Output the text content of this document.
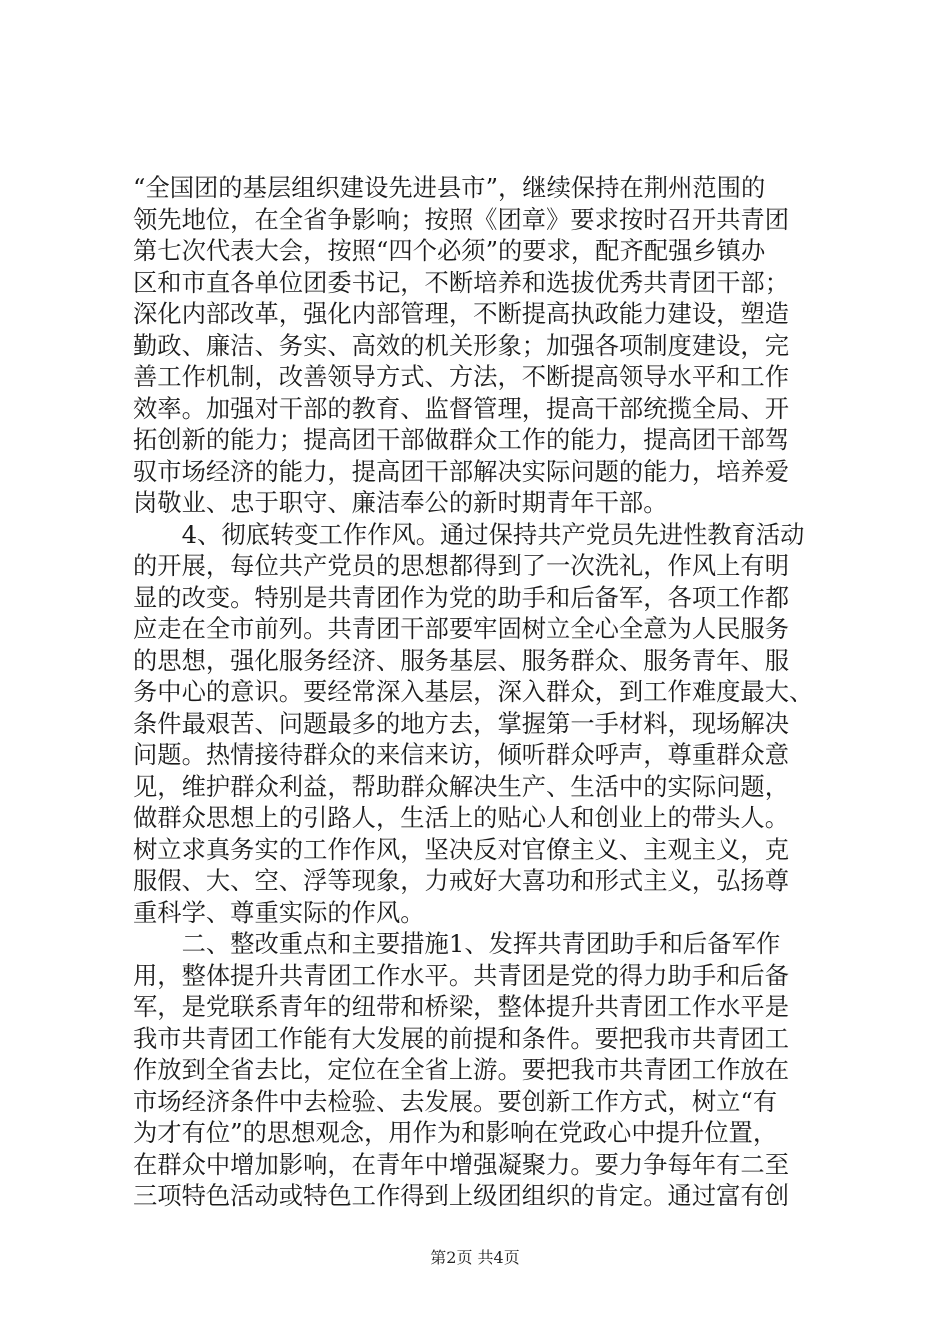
“全国团的基层组织建设先进县市”，继续保持在荆州范围的
领先地位，在全省争影响；按照《团章》要求按时召开共青团
第七次代表大会，按照“四个必须”的要求，配齐配强乡镇办
区和市直各单位团委书记，不断培养和选拔优秀共青团干部；
深化内部改革，强化内部管理，不断提高执政能力建设，塑造
勤政、廉洁、务实、高效的机关形象；加强各项制度建设，完
善工作机制，改善领导方式、方法，不断提高领导水平和工作
效率。加强对干部的教育、监督管理，提高干部统揽全局、开
拓创新的能力；提高团干部做群众工作的能力，提高团干部驾
驭市场经济的能力，提高团干部解决实际问题的能力，培养爱
岗敬业、忠于职守、廉洁奉公的新时期青年干部。
　　4、彻底转变工作作风。通过保持共产党员先进性教育活动
的开展，每位共产党员的思想都得到了一次洗礼，作风上有明
显的改变。特别是共青团作为党的助手和后备军，各项工作都
应走在全市前列。共青团干部要牢固树立全心全意为人民服务
的思想，强化服务经济、服务基层、服务群众、服务青年、服
务中心的意识。要经常深入基层，深入群众，到工作难度最大、
条件最艰苦、问题最多的地方去，掌握第一手材料，现场解决
问题。热情接待群众的来信来访，倾听群众呼声，尊重群众意
见，维护群众利益，帮助群众解决生产、生活中的实际问题，
做群众思想上的引路人，生活上的贴心人和创业上的带头人。
树立求真务实的工作作风，坚决反对官僚主义、主观主义，克
服假、大、空、浮等现象，力戒好大喜功和形式主义，弘扬尊
重科学、尊重实际的作风。
　　二、整改重点和主要措施1、发挥共青团助手和后备军作
用，整体提升共青团工作水平。共青团是党的得力助手和后备
军，是党联系青年的纽带和桥梁，整体提升共青团工作水平是
我市共青团工作能有大发展的前提和条件。要把我市共青团工
作放到全省去比，定位在全省上游。要把我市共青团工作放在
市场经济条件中去检验、去发展。要创新工作方式，树立“有
为才有位”的思想观念，用作为和影响在党政心中提升位置，
在群众中增加影响，在青年中增强凝聚力。要力争每年有二至
三项特色活动或特色工作得到上级团组织的肯定。通过富有创
第2页 共4页
